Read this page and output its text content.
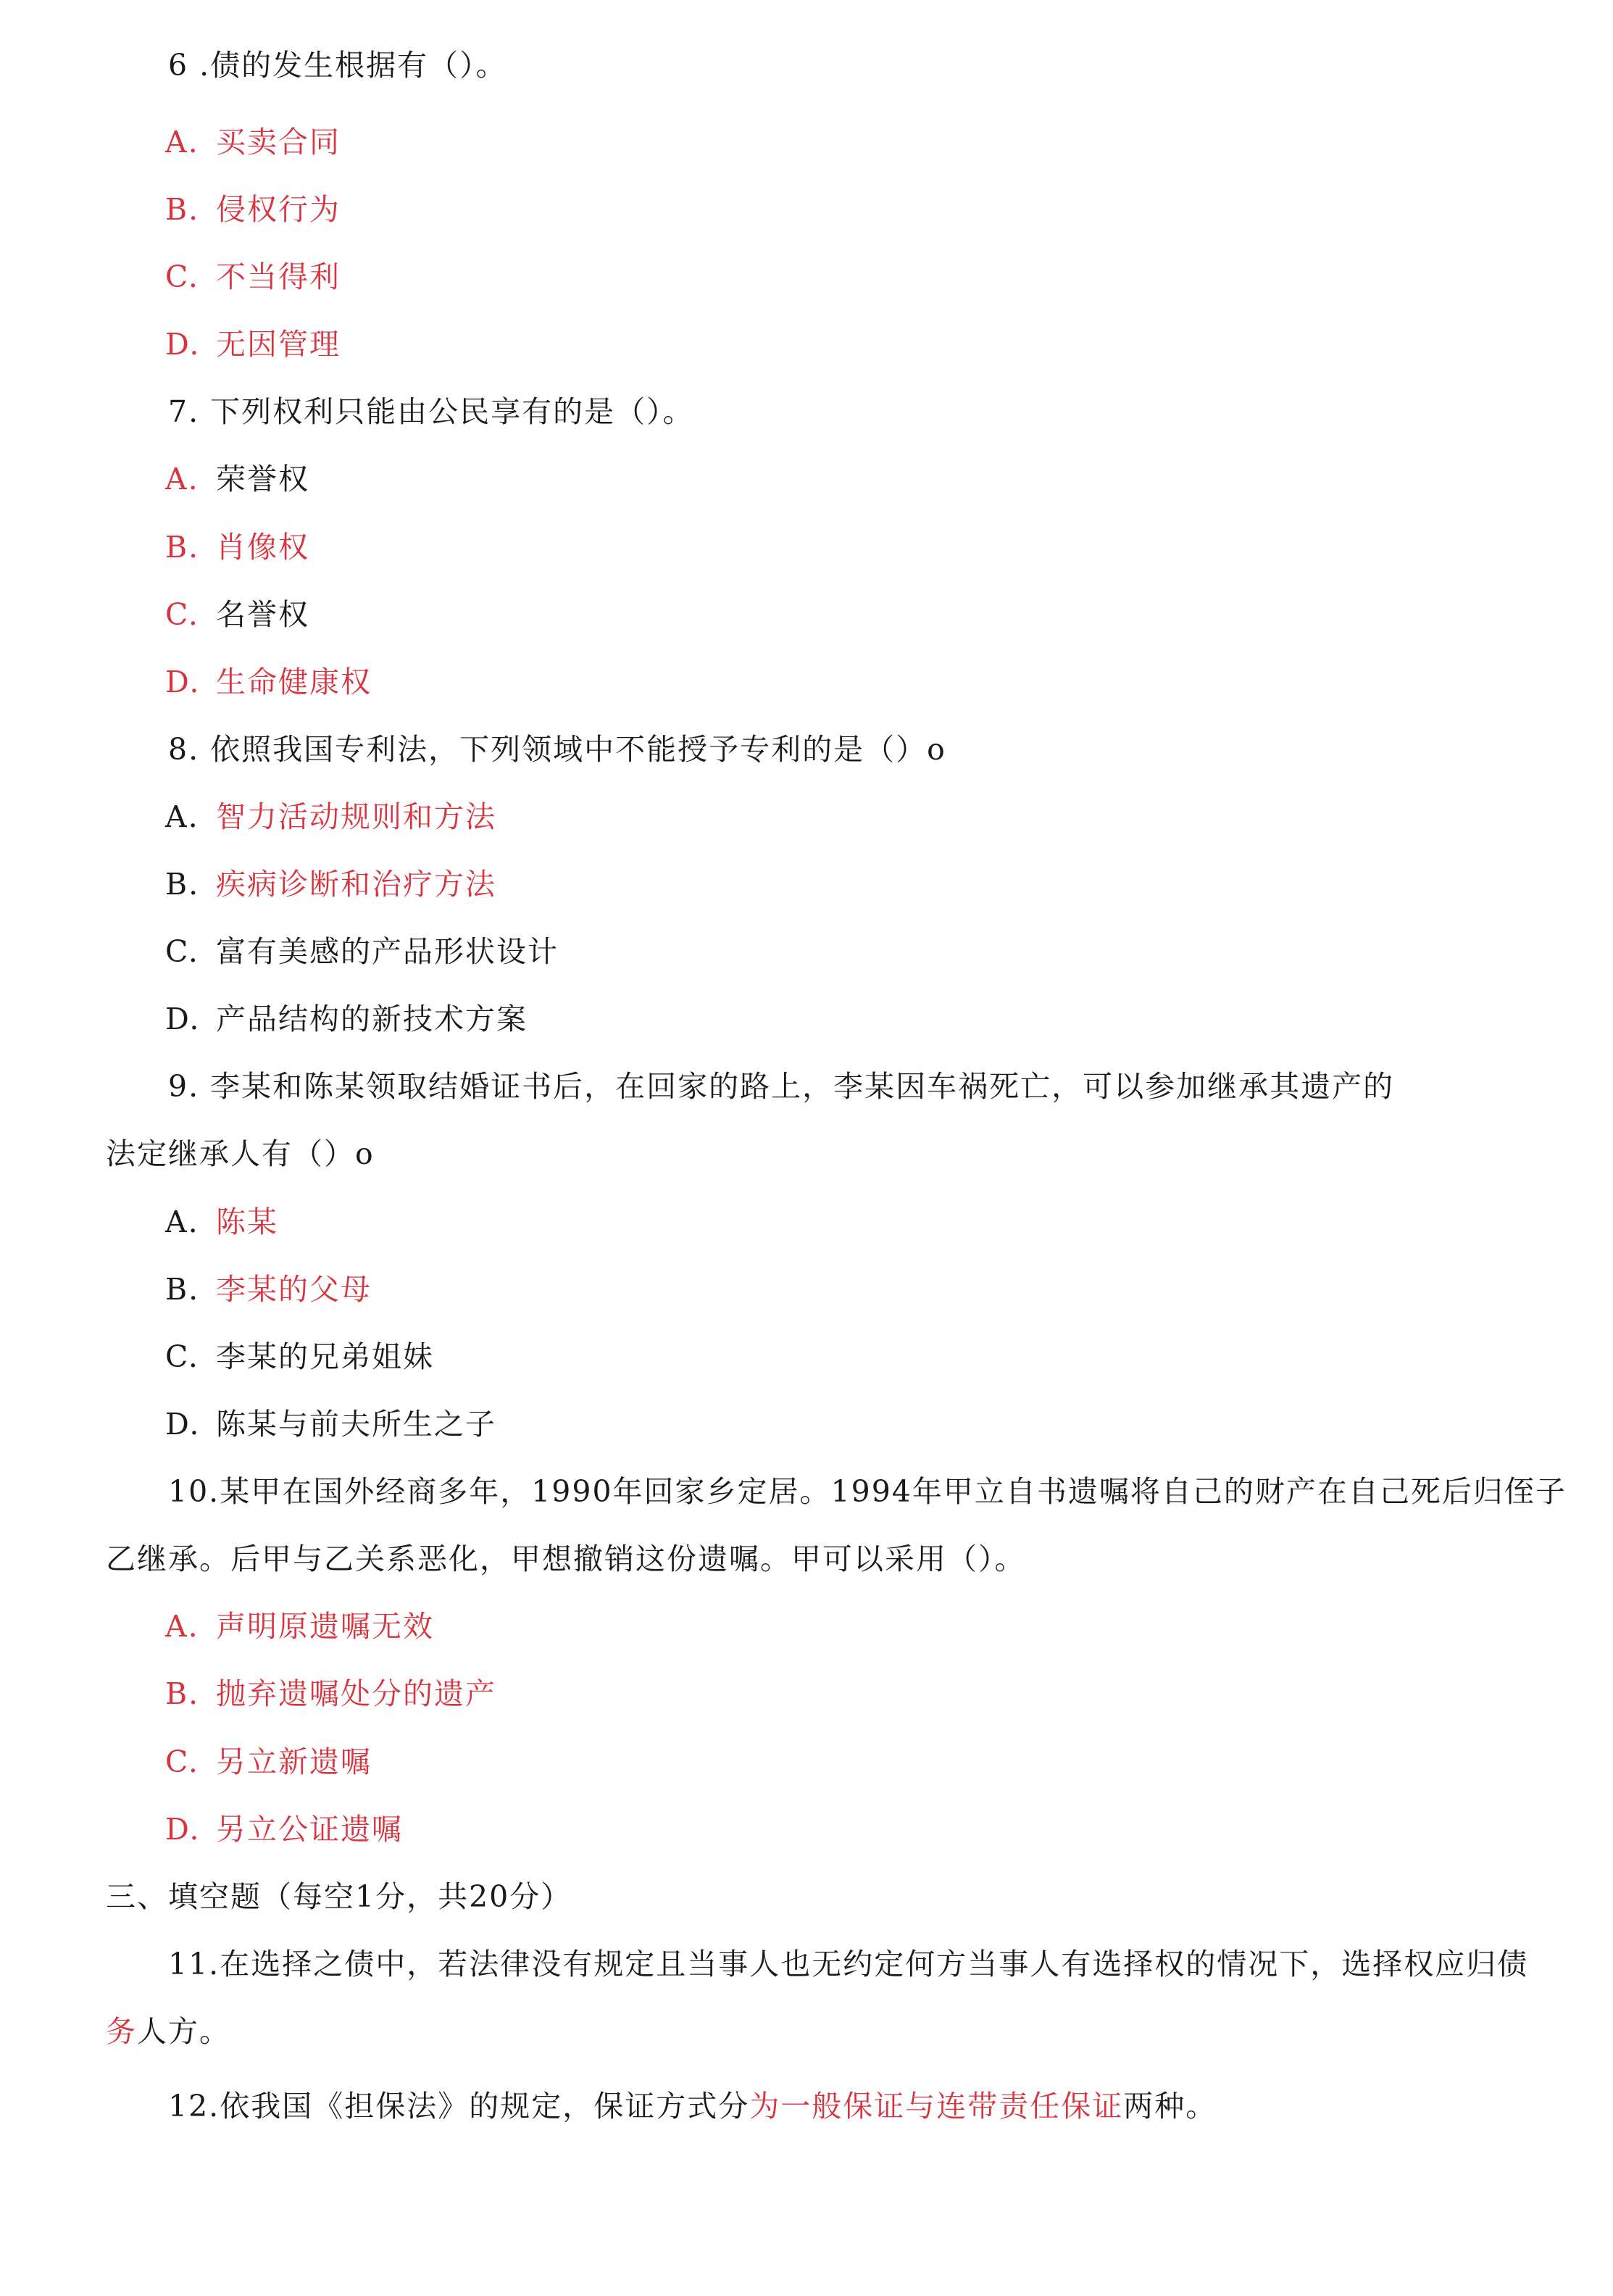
6 .债的发生根据有（）。
A. 买卖合同
B. 侵权行为
C. 不当得利
D. 无因管理
7. 下列权利只能由公民享有的是（）。
A. 荣誉权
B. 肖像权
C. 名誉权
D. 生命健康权
8. 依照我国专利法，下列领域中不能授予专利的是（）o
A. 智力活动规则和方法
B. 疾病诊断和治疗方法
C. 富有美感的产品形状设计
D. 产品结构的新技术方案
9. 李某和陈某领取结婚证书后，在回家的路上，李某因车祸死亡，可以参加继承其遗产的
法定继承人有（）o
A. 陈某
B. 李某的父母
C. 李某的兄弟姐妹
D. 陈某与前夫所生之子
10.某甲在国外经商多年，1990年回家乡定居。1994年甲立自书遗嘱将自己的财产在自己死后归侄子
乙继承。后甲与乙关系恶化，甲想撤销这份遗嘱。甲可以采用（）。
A. 声明原遗嘱无效
B. 抛弃遗嘱处分的遗产
C. 另立新遗嘱
D. 另立公证遗嘱
三、填空题（每空1分，共20分）
11.在选择之债中，若法律没有规定且当事人也无约定何方当事人有选择权的情况下，选择权应归债
务人方。
12.依我国《担保法》的规定，保证方式分为一般保证与连带责任保证两种。
